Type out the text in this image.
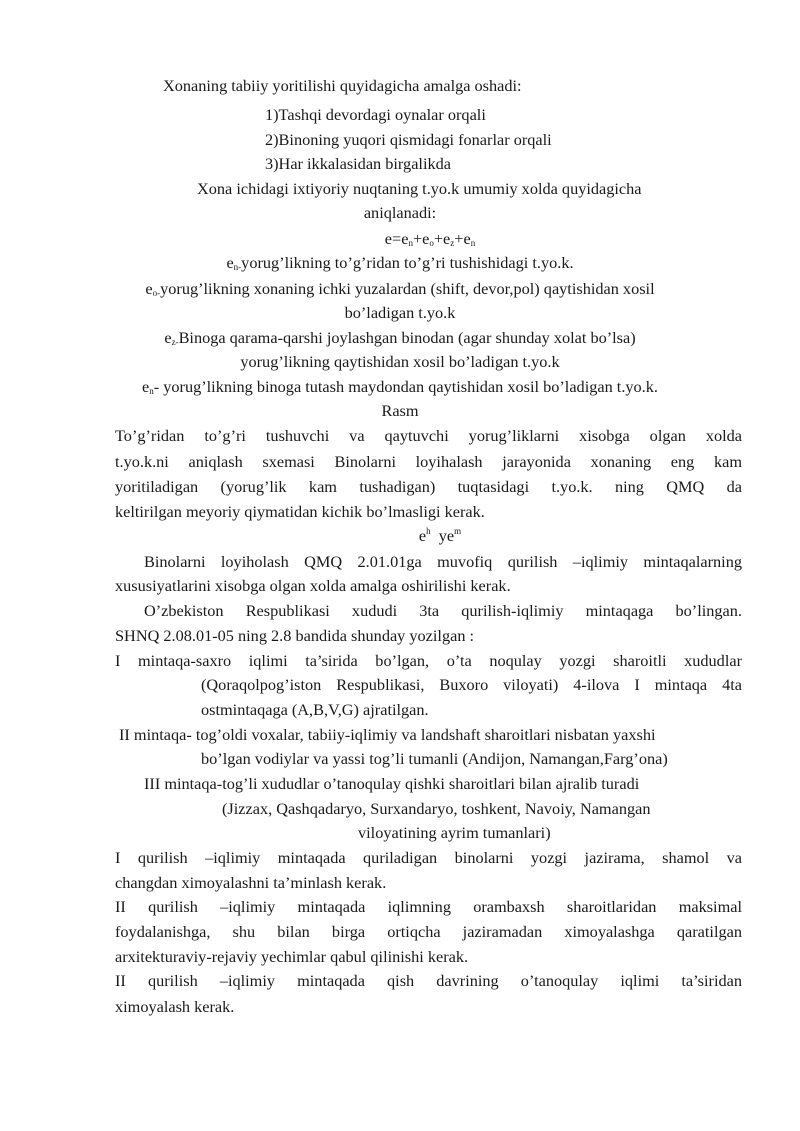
Xonaning tabiiy yoritilishi quyidagicha amalga oshadi:
1)Tashqi devordagi oynalar orqali
2)Binoning yuqori qismidagi fonarlar orqali
3)Har ikkalasidan birgalikda
Xona ichidagi ixtiyoriy nuqtaning t.yo.k umumiy xolda quyidagicha
aniqlanadi:
$e=e_n+e_o+e_z+e_n$
$e_{n-}yorug’likning$ to’g’ridan to’g’ri tushishidagi t.yo.k.
$e_{o-}yorug’likning$ xonaning ichki yuzalardan (shift, devor,pol) qaytishidan xosil
bo’ladigan t.yo.k
$e_{z-}Binoga$ qarama-qarshi joylashgan binodan (agar shunday xolat bo’lsa)
yorug’likning qaytishidan xosil bo’ladigan t.yo.k
$e_n-$ yorug’likning binoga tutash maydondan qaytishidan xosil bo’ladigan t.yo.k.
Rasm
To’g’ridan to’g’ri tushuvchi va qaytuvchi yorug’liklarni xisobga olgan xolda
t.yo.k.ni aniqlash sxemasi Binolarni loyihalash jarayonida xonaning eng kam
yoritiladigan (yorug’lik kam tushadigan) tuqtasidagi t.yo.k. ning QMQ da
keltirilgan meyoriy qiymatidan kichik bo’lmasligi kerak.
$e^h$ $ye^m$
Binolarni loyiholash QMQ 2.01.01ga muvofiq qurilish –iqlimiy mintaqalarning
xususiyatlarini xisobga olgan xolda amalga oshirilishi kerak.
O’zbekiston Respublikasi xududi 3ta qurilish-iqlimiy mintaqaga bo’lingan.
SHNQ 2.08.01-05 ning 2.8 bandida shunday yozilgan :
I mintaqa-saxro iqlimi ta’sirida bo’lgan, o’ta noqulay yozgi sharoitli xududlar
(Qoraqolpog’iston Respublikasi, Buxoro viloyati) 4-ilova I mintaqa 4ta
ostmintaqaga (A,B,V,G) ajratilgan.
II mintaqa- tog’oldi voxalar, tabiiy-iqlimiy va landshaft sharoitlari nisbatan yaxshi
bo’lgan vodiylar va yassi tog’li tumanli (Andijon, Namangan,Farg’ona)
III mintaqa-tog’li xududlar o’tanoqulay qishki sharoitlari bilan ajralib turadi
(Jizzax, Qashqadaryo, Surxandaryo, toshkent, Navoiy, Namangan
viloyatining ayrim tumanlari)
I qurilish –iqlimiy mintaqada quriladigan binolarni yozgi jazirama, shamol va
changdan ximoyalashni ta’minlash kerak.
II qurilish –iqlimiy mintaqada iqlimning orambaxsh sharoitlaridan maksimal
foydalanishga, shu bilan birga ortiqcha jaziramadan ximoyalashga qaratilgan
arxitekturaviy-rejaviy yechimlar qabul qilinishi kerak.
II qurilish –iqlimiy mintaqada qish davrining o’tanoqulay iqlimi ta’siridan
ximoyalash kerak.
